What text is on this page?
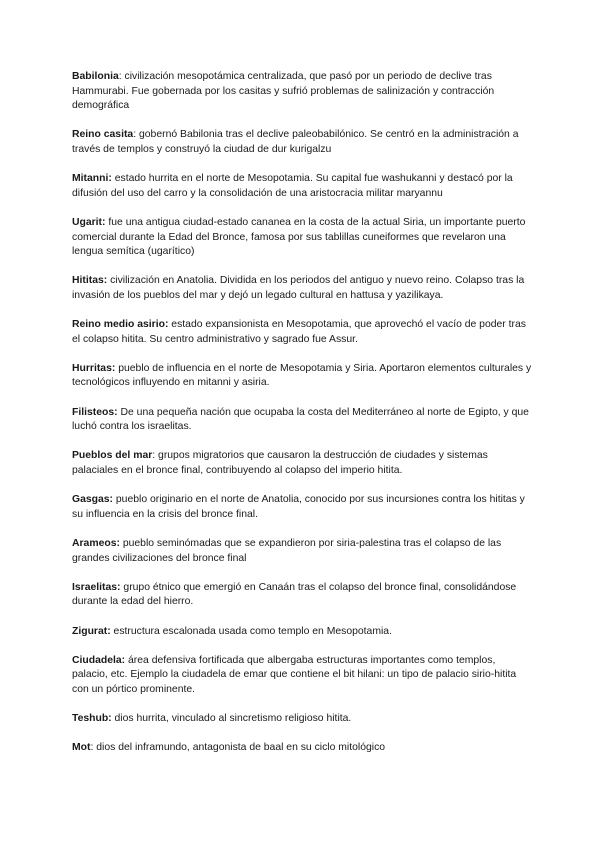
Babilonia: civilización mesopotámica centralizada, que pasó por un periodo de declive tras Hammurabi. Fue gobernada por los casitas y sufrió problemas de salinización y contracción demográfica

Reino casita: gobernó Babilonia tras el declive paleobabilónico. Se centró en la administración a través de templos y construyó la ciudad de dur kurigalzu

Mitanni: estado hurrita en el norte de Mesopotamia. Su capital fue washukanni y destacó por la difusión del uso del carro y la consolidación de una aristocracia militar maryannu

Ugarit: fue una antigua ciudad-estado cananea en la costa de la actual Siria, un importante puerto comercial durante la Edad del Bronce, famosa por sus tablillas cuneiformes que revelaron una lengua semítica (ugarítico)

Hititas: civilización en Anatolia. Dividida en los periodos del antiguo y nuevo reino. Colapso tras la invasión de los pueblos del mar y dejó un legado cultural en hattusa y yazilikaya.

Reino medio asirio: estado expansionista en Mesopotamia, que aprovechó el vacío de poder tras el colapso hitita. Su centro administrativo y sagrado fue Assur.

Hurritas: pueblo de influencia en el norte de Mesopotamia y Siria. Aportaron elementos culturales y tecnológicos influyendo en mitanni y asiria.

Filisteos: De una pequeña nación que ocupaba la costa del Mediterráneo al norte de Egipto, y que luchó contra los israelitas.

Pueblos del mar: grupos migratorios que causaron la destrucción de ciudades y sistemas palaciales en el bronce final, contribuyendo al colapso del imperio hitita.

Gasgas: pueblo originario en el norte de Anatolia, conocido por sus incursiones contra los hititas y su influencia en la crisis del bronce final.

Arameos: pueblo seminómadas que se expandieron por siria-palestina tras el colapso de las grandes civilizaciones del bronce final

Israelitas: grupo étnico que emergió en Canaán tras el colapso del bronce final, consolidándose durante la edad del hierro.

Zigurat: estructura escalonada usada como templo en Mesopotamia.

Ciudadela: área defensiva fortificada que albergaba estructuras importantes como templos, palacio, etc. Ejemplo la ciudadela de emar que contiene el bit hilani: un tipo de palacio sirio-hitita con un pórtico prominente.

Teshub: dios hurrita, vinculado al sincretismo religioso hitita.

Mot: dios del inframundo, antagonista de baal en su ciclo mitológico
